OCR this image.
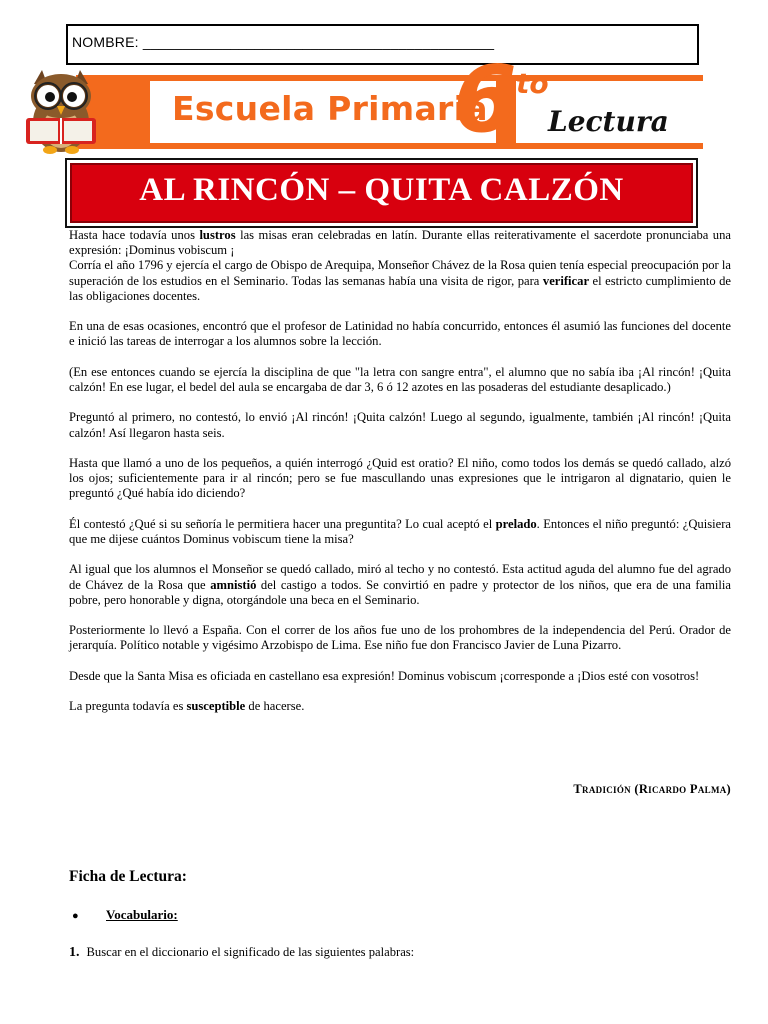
NOMBRE: ____________________________________________
Escuela Primaria
6
to
Lectura
AL RINCÓN – QUITA CALZÓN

Hasta hace todavía unos lustros las misas eran celebradas en latín. Durante ellas reiterativamente el sacerdote pronunciaba una expresión: ¡Dominus vobiscum ¡

Corría el año 1796 y ejercía el cargo de Obispo de Arequipa, Monseñor Chávez de la Rosa quien tenía especial preocupación por la superación de los estudios en el Seminario. Todas las semanas había una visita de rigor, para verificar el estricto cumplimiento de las obligaciones docentes.

En una de esas ocasiones, encontró que el profesor de Latinidad no había concurrido, entonces él asumió las funciones del docente e inició las tareas de interrogar a los alumnos sobre la lección.

(En ese entonces cuando se ejercía la disciplina de que "la letra con sangre entra", el alumno que no sabía iba ¡Al rincón! ¡Quita calzón! En ese lugar, el bedel del aula se encargaba de dar 3, 6 ó 12 azotes en las posaderas del estudiante desaplicado.)

Preguntó al primero, no contestó, lo envió ¡Al rincón! ¡Quita calzón! Luego al segundo, igualmente, también ¡Al rincón! ¡Quita calzón! Así llegaron hasta seis.

Hasta que llamó a uno de los pequeños, a quién interrogó ¿Quid est oratio? El niño, como todos los demás se quedó callado, alzó los ojos; suficientemente para ir al rincón; pero se fue mascullando unas expresiones que le intrigaron al dignatario, quien le preguntó ¿Qué había ido diciendo?

Él contestó ¿Qué si su señoría le permitiera hacer una preguntita? Lo cual aceptó el prelado. Entonces el niño preguntó: ¿Quisiera que me dijese cuántos Dominus vobiscum tiene la misa?

Al igual que los alumnos el Monseñor se quedó callado, miró al techo y no contestó. Esta actitud aguda del alumno fue del agrado de Chávez de la Rosa que amnistió del castigo a todos. Se convirtió en padre y protector de los niños, que era de una familia pobre, pero honorable y digna, otorgándole una beca en el Seminario.

Posteriormente lo llevó a España. Con el correr de los años fue uno de los prohombres de la independencia del Perú. Orador de jerarquía. Político notable y vigésimo Arzobispo de Lima. Ese niño fue don Francisco Javier de Luna Pizarro.

Desde que la Santa Misa es oficiada en castellano esa expresión! Dominus vobiscum ¡corresponde a ¡Dios esté con vosotros!

La pregunta todavía es susceptible de hacerse.

Tradición (Ricardo Palma)
Ficha de Lectura:
● Vocabulario:
1. Buscar en el diccionario el significado de las siguientes palabras:
